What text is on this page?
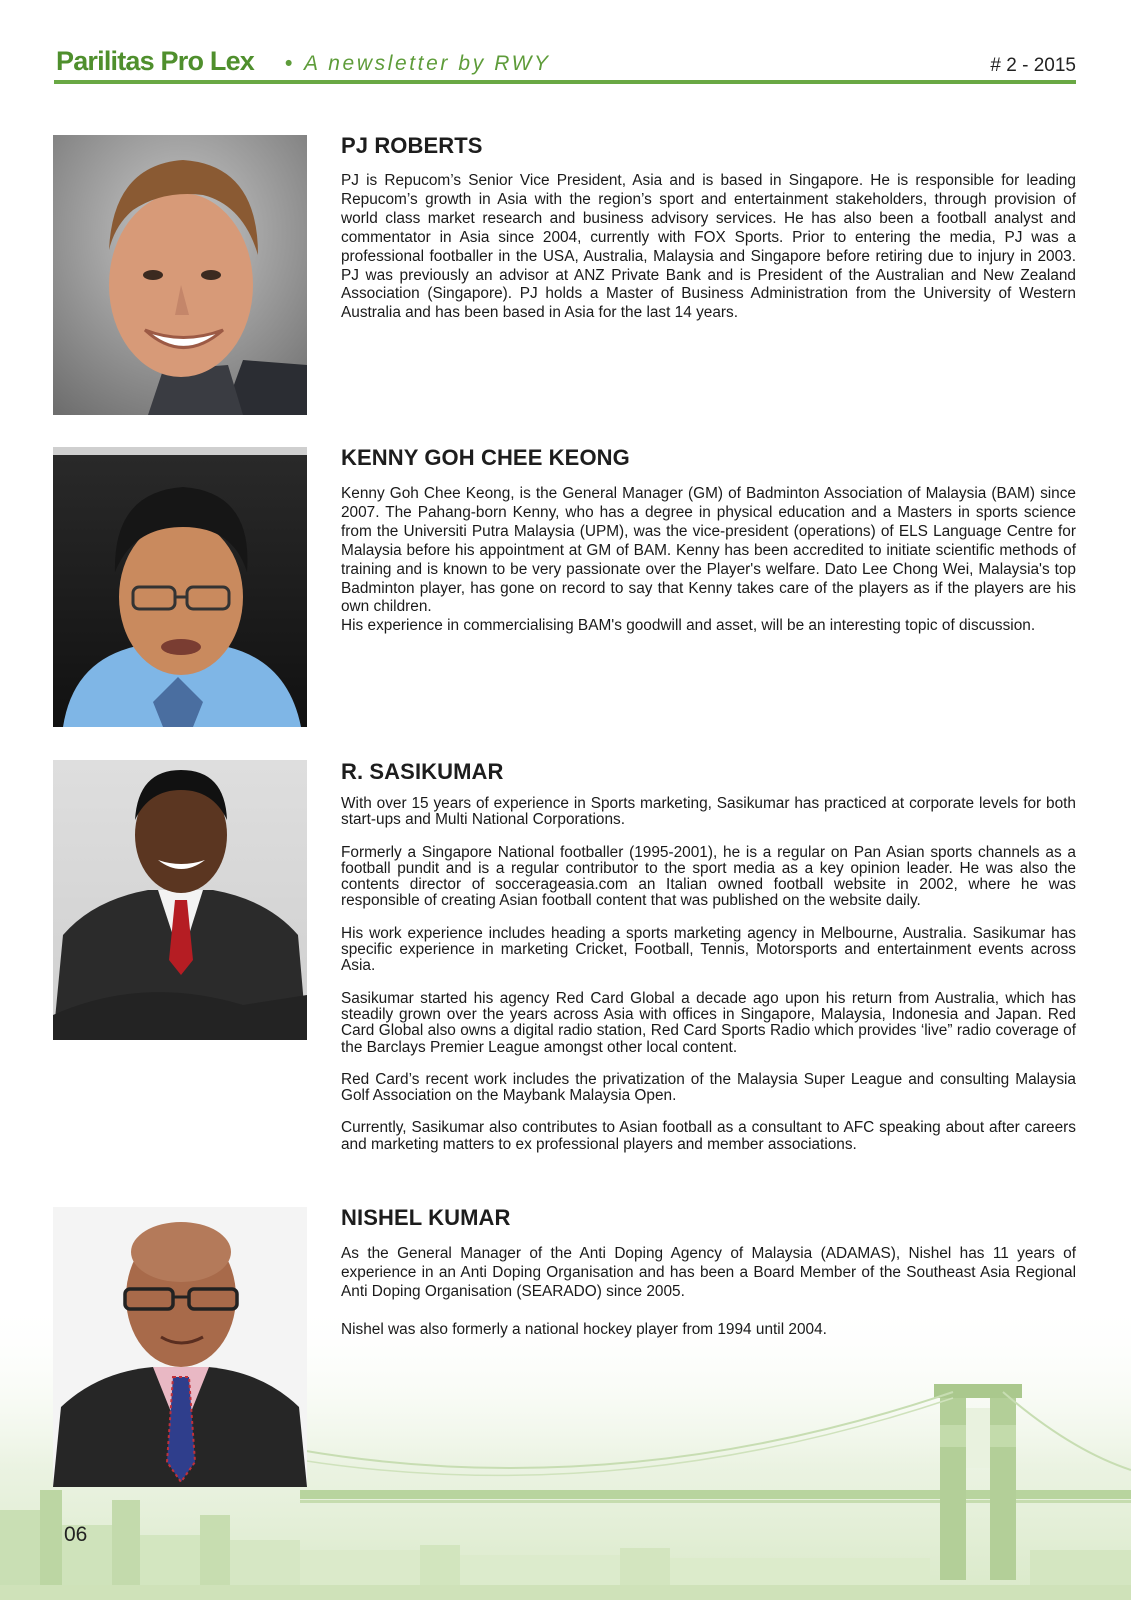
Parilitas Pro Lex • A newsletter by RWY	# 2 - 2015
PJ ROBERTS

PJ is Repucom’s Senior Vice President, Asia and is based in Singapore. He is responsible for leading Repucom’s growth in Asia with the region’s sport and entertainment stakeholders, through provision of world class market research and business advisory services. He has also been a football analyst and commentator in Asia since 2004, currently with FOX Sports. Prior to entering the media, PJ was a professional footballer in the USA, Australia, Malaysia and Singapore before retiring due to injury in 2003. PJ was previously an advisor at ANZ Private Bank and is President of the Australian and New Zealand Association (Singapore). PJ holds a Master of Business Administration from the University of Western Australia and has been based in Asia for the last 14 years.

KENNY GOH CHEE KEONG

Kenny Goh Chee Keong, is the General Manager (GM) of Badminton Association of Malaysia (BAM) since 2007. The Pahang-born Kenny, who has a degree in physical education and a Masters in sports science from the Universiti Putra Malaysia (UPM), was the vice-president (operations) of ELS Language Centre for Malaysia before his appointment at GM of BAM. Kenny has been accredited to initiate scientific methods of training and is known to be very passionate over the Player's welfare. Dato Lee Chong Wei, Malaysia's top Badminton player, has gone on record to say that Kenny takes care of the players as if the players are his own children.

His experience in commercialising BAM's goodwill and asset, will be an interesting topic of discussion.

R. SASIKUMAR

With over 15 years of experience in Sports marketing, Sasikumar has practiced at corporate levels for both start-ups and Multi National Corporations.

Formerly a Singapore National footballer (1995-2001), he is a regular on Pan Asian sports channels as a football pundit and is a regular contributor to the sport media as a key opinion leader. He was also the contents director of soccerageasia.com an Italian owned football website in 2002, where he was responsible of creating Asian football content that was published on the website daily.

His work experience includes heading a sports marketing agency in Melbourne, Australia. Sasikumar has specific experience in marketing Cricket, Football, Tennis, Motorsports and entertainment events across Asia.

Sasikumar started his agency Red Card Global a decade ago upon his return from Australia, which has steadily grown over the years across Asia with offices in Singapore, Malaysia, Indonesia and Japan. Red Card Global also owns a digital radio station, Red Card Sports Radio which provides ‘live” radio coverage of the Barclays Premier League amongst other local content.

Red Card’s recent work includes the privatization of the Malaysia Super League and consulting Malaysia Golf Association on the Maybank Malaysia Open.

Currently, Sasikumar also contributes to Asian football as a consultant to AFC speaking about after careers and marketing matters to ex professional players and member associations.

NISHEL KUMAR

As the General Manager of the Anti Doping Agency of Malaysia (ADAMAS), Nishel has 11 years of experience in an Anti Doping Organisation and has been a Board Member of the Southeast Asia Regional Anti Doping Organisation (SEARADO) since 2005.

Nishel was also formerly a national hockey player from 1994 until 2004.

06
